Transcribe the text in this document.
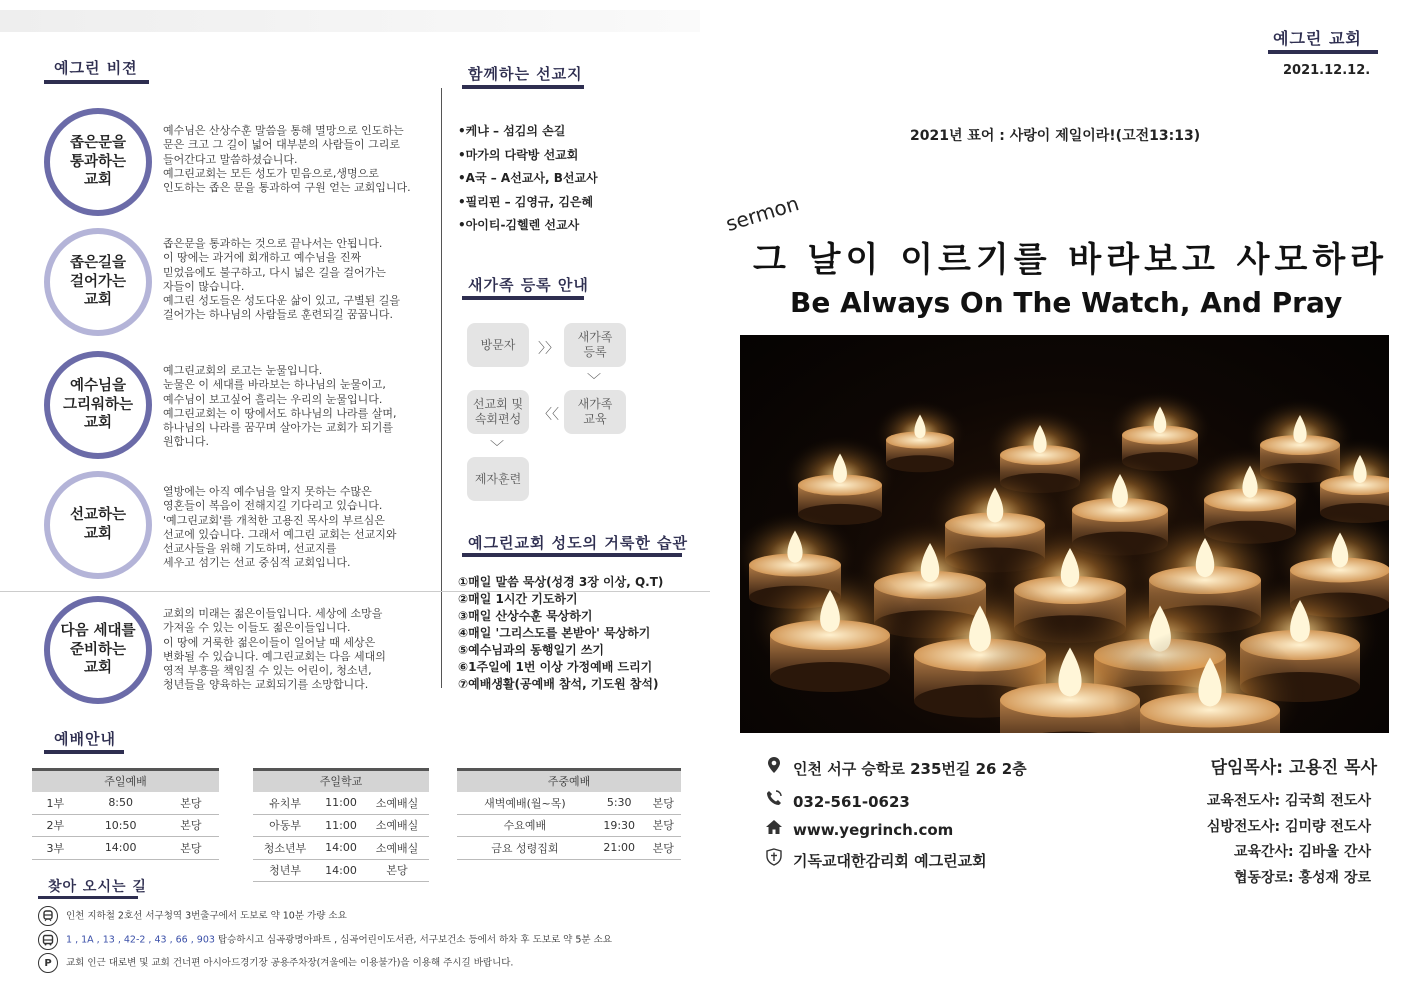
예그린 비젼
좁은문을
통과하는
교회
예수님은 산상수훈 말씀을 통해 멸망으로 인도하는
문은 크고 그 길이 넓어 대부분의 사람들이 그리로
들어간다고 말씀하셨습니다.
예그린교회는 모든 성도가 믿음으로,생명으로
인도하는 좁은 문을 통과하여 구원 얻는 교회입니다.
좁은길을
걸어가는
교회
좁은문을 통과하는 것으로 끝나서는 안됩니다.
이 땅에는 과거에 회개하고 예수님을 진짜
믿었음에도 불구하고, 다시 넓은 길을 걸어가는
자들이 많습니다.
예그린 성도들은 성도다운 삶이 있고, 구별된 길을
걸어가는 하나님의 사람들로 훈련되길 꿈꿉니다.
예수님을
그리워하는
교회
예그린교회의 로고는 눈물입니다.
눈물은 이 세대를 바라보는 하나님의 눈물이고,
예수님이 보고싶어 흘리는 우리의 눈물입니다.
예그린교회는 이 땅에서도 하나님의 나라를 살며,
하나님의 나라를 꿈꾸며 살아가는 교회가 되기를
원합니다.
선교하는
교회
열방에는 아직 예수님을 알지 못하는 수많은
영혼들이 복음이 전해지길 기다리고 있습니다.
'예그린교회'를 개척한 고용진 목사의 부르심은
선교에 있습니다. 그래서 예그린 교회는 선교지와
선교사들을 위해 기도하며, 선교지를
세우고 섬기는 선교 중심적 교회입니다.
다음 세대를
준비하는
교회
교회의 미래는 젊은이들입니다. 세상에 소망을
가져올 수 있는 이들도 젊은이들입니다.
이 땅에 거룩한 젊은이들이 일어날 때 세상은
변화될 수 있습니다. 예그린교회는 다음 세대의
영적 부흥을 책임질 수 있는 어린이, 청소년,
청년들을 양육하는 교회되기를 소망합니다.
함께하는 선교지
•케냐 – 섬김의 손길
•마가의 다락방 선교회
•A국 – A선교사, B선교사
•필리핀 – 김영규, 김은혜
•아이티-김헬렌 선교사
새가족 등록 안내
방문자	〉〉
새가족
등록
﹀
새가족
교육
〈〈
선교회 및
속회편성
﹀
제자훈련
예그린교회 성도의 거룩한 습관
①매일 말씀 묵상(성경 3장 이상, Q.T)
②매일 1시간 기도하기
③매일 산상수훈 묵상하기
④매일 '그리스도를 본받아' 묵상하기
⑤예수님과의 동행일기 쓰기
⑥1주일에 1번 이상 가정예배 드리기
⑦예배생활(공예배 참석, 기도원 참석)
예배안내
주일예배		
1부	8:50	본당
2부	10:50	본당
3부	14:00	본당
주일학교		
유치부	11:00	소예배실
아동부	11:00	소예배실
청소년부	14:00	소예배실
청년부	14:00	본당
주중예배		
새벽예배(월~목)	5:30	본당
수요예배	19:30	본당
금요 성령집회	21:00	본당
찾아 오시는 길
인천 지하철 2호선 서구청역 3번출구에서 도보로 약 10분 가량 소요
1 , 1A , 13 , 42-2 , 43 , 66 , 903 탑승하시고 심곡광명아파트 , 심곡어린이도서관, 서구보건소 등에서 하차 후 도보로 약 5분 소요
P 교회 인근 대로변 및 교회 건너편 아시아드경기장 공용주차장(겨울에는 이용불가)을 이용해 주시길 바랍니다.
예그린 교회
2021.12.12.
2021년 표어 : 사랑이 제일이라!(고전13:13)
sermon
그 날이 이르기를 바라보고 사모하라
Be Always On The Watch, And Pray
인천 서구 승학로 235번길 26 2층
032-561-0623
www.yegrinch.com
기독교대한감리회 예그린교회
담임목사: 고용진 목사
교육전도사: 김국희 전도사
심방전도사: 김미량 전도사
교육간사: 김바울 간사
협동장로: 홍성재 장로
